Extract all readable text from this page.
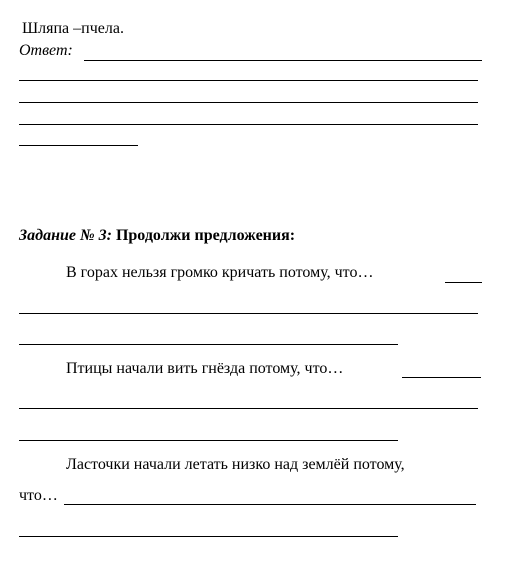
Шляпа –пчела.
Ответ:
Задание № 3: Продолжи предложения:
В горах нельзя громко кричать потому, что…
Птицы начали вить гнёзда потому, что…
Ласточки начали летать низко над землёй потому,
что…
